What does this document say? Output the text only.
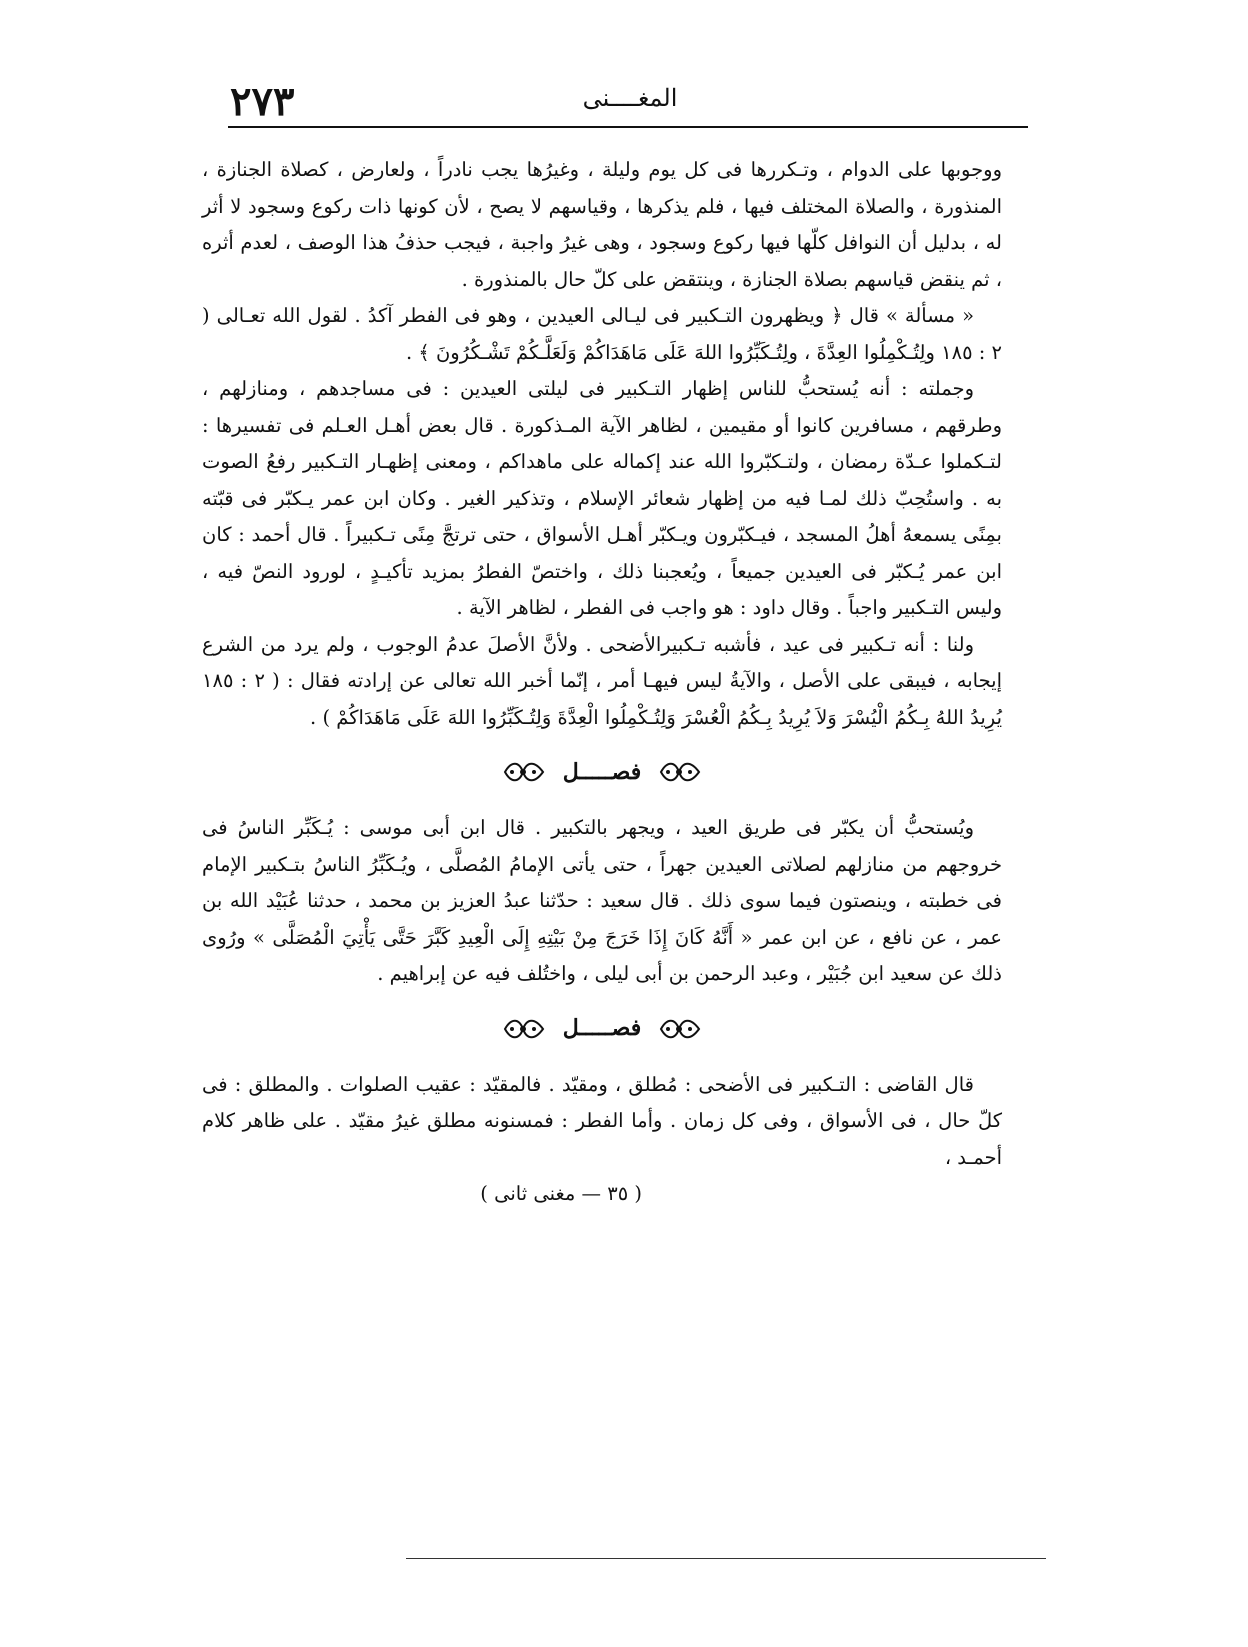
٢٧٣	المغــــنى

ووجوبها على الدوام ، وتـكررها فى كل يوم وليلة ، وغيرُها يجب نادراً ، ولعارض ، كصلاة الجنازة ، المنذورة ، والصلاة المختلف فيها ، فلم يذكرها ، وقياسهم لا يصح ، لأن كونها ذات ركوع وسجود لا أثر له ، بدليل أن النوافل كلّها فيها ركوع وسجود ، وهى غيرُ واجبة ، فيجب حذفُ هذا الوصف ، لعدم أثره ، ثم ينقض قياسهم بصلاة الجنازة ، وينتقض على كلّ حال بالمنذورة .

« مسألة » قال ﴿ ويظهرون التـكبير فى ليـالى العيدين ، وهو فى الفطر آكدُ . لقول الله تعـالى ( ٢ : ١٨٥ ولِتُـكْمِلُوا العِدَّةَ ، ولِتُـكَبِّرُوا اللهَ عَلَى مَاهَدَاكُمْ وَلَعَلَّـكُمْ تَشْـكُرُونَ ﴾ .

وجملته : أنه يُستحبُّ للناس إظهار التـكبير فى ليلتى العيدين : فى مساجدهم ، ومنازلهم ، وطرقهم ، مسافرين كانوا أو مقيمين ، لظاهر الآية المـذكورة . قال بعض أهـل العـلم فى تفسيرها : لتـكملوا عـدّة رمضان ، ولتـكبّروا الله عند إكماله على ماهداكم ، ومعنى إظهـار التـكبير رفعُ الصوت به . واستُحِبّ ذلك لمـا فيه من إظهار شعائر الإسلام ، وتذكير الغير . وكان ابن عمر يـكبّر فى قبّته بمِنًى يسمعهُ أهلُ المسجد ، فيـكبّرون ويـكبّر أهـل الأسواق ، حتى ترتجَّ مِنًى تـكبيراً . قال أحمد : كان ابن عمر يُـكبّر فى العيدين جميعاً ، ويُعجبنا ذلك ، واختصّ الفطرُ بمزيد تأكيـدٍ ، لورود النصّ فيه ، وليس التـكبير واجباً . وقال داود : هو واجب فى الفطر ، لظاهر الآية .

ولنا : أنه تـكبير فى عيد ، فأشبه تـكبيرالأضحى . ولأنَّ الأصلَ عدمُ الوجوب ، ولم يرد من الشرع إيجابه ، فيبقى على الأصل ، والآيةُ ليس فيهـا أمر ، إنّما أخبر الله تعالى عن إرادته فقال : ( ٢ : ١٨٥ يُرِيدُ اللهُ بِـكُمُ الْيُسْرَ وَلاَ يُرِيدُ بِـكُمُ الْعُسْرَ وَلِتُـكْمِلُوا الْعِدَّةَ وَلِتُـكَبِّرُوا اللهَ عَلَى مَاهَدَاكُمْ ) .

فصـــــل

ويُستحبُّ أن يكبّر فى طريق العيد ، ويجهر بالتكبير . قال ابن أبى موسى : يُـكَبِّر الناسُ فى خروجهم من منازلهم لصلاتى العيدين جهراً ، حتى يأتى الإمامُ المُصلَّى ، ويُـكَبِّرُ الناسُ بتـكبير الإمام فى خطبته ، وينصتون فيما سوى ذلك . قال سعيد : حدّثنا عبدُ العزيز بن محمد ، حدثنا عُبَيْد الله بن عمر ، عن نافع ، عن ابن عمر « أَنَّهُ كَانَ إِذَا خَرَجَ مِنْ بَيْتِهِ إِلَى الْعِيدِ كَبَّرَ حَتَّى يَأْتِيَ الْمُصَلَّى » ورُوى ذلك عن سعيد ابن جُبَيْر ، وعبد الرحمن بن أبى ليلى ، واختُلف فيه عن إبراهيم .

فصـــــل

قال القاضى : التـكبير فى الأضحى : مُطلق ، ومقيّد . فالمقيّد : عقيب الصلوات . والمطلق : فى كلّ حال ، فى الأسواق ، وفى كل زمان . وأما الفطر : فمسنونه مطلق غيرُ مقيّد . على ظاهر كلام أحمـد ،

( ٣٥ — مغنى ثانى )
